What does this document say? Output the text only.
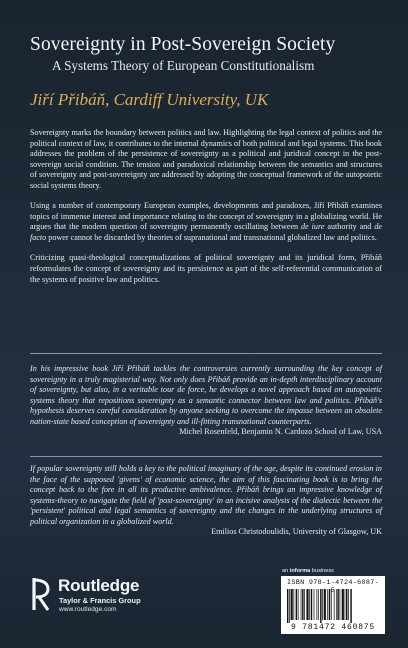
Sovereignty in Post-Sovereign Society
A Systems Theory of European Constitutionalism
Jiří Přibáň, Cardiff University, UK

Sovereignty marks the boundary between politics and law. Highlighting the legal context of politics and the political context of law, it contributes to the internal dynamics of both political and legal systems. This book addresses the problem of the persistence of sovereignty as a political and juridical concept in the post-sovereign social condition. The tension and paradoxical relationship between the semantics and structures of sovereignty and post-sovereignty are addressed by adopting the conceptual framework of the autopoietic social systems theory.

Using a number of contemporary European examples, developments and paradoxes, Jiří Přibáň examines topics of immense interest and importance relating to the concept of sovereignty in a globalizing world. He argues that the modern question of sovereignty permanently oscillating between de iure authority and de facto power cannot be discarded by theories of supranational and transnational globalized law and politics.

Criticizing quasi-theological conceptualizations of political sovereignty and its juridical form, Přibáň reformulates the concept of sovereignty and its persistence as part of the self-referential communication of the systems of positive law and politics.

In his impressive book Jiří Přibáň tackles the controversies currently surrounding the key concept of sovereignty in a truly magisterial way. Not only does Přibáň provide an in-depth interdisciplinary account of sovereignty, but also, in a veritable tour de force, he develops a novel approach based on autopoietic systems theory that repositions sovereignty as a semantic connector between law and politics. Přibáň's hypothesis deserves careful consideration by anyone seeking to overcome the impasse between an obsolete nation-state based conception of sovereignty and ill-fitting transnational counterparts.
Michel Rosenfeld, Benjamin N. Cardozo School of Law, USA
If popular sovereignty still holds a key to the political imaginary of the age, despite its continued erosion in the face of the supposed 'givens' of economic science, the aim of this fascinating book is to bring the concept back to the fore in all its productive ambivalence. Přibáň brings an impressive knowledge of systems-theory to navigate the field of 'post-sovereignty' in an incisive analysis of the dialectic between the 'persistent' political and legal semantics of sovereignty and the changes in the underlying structures of political organization in a globalized world.
Emilios Christodoulidis, University of Glasgow, UK
Routledge
Taylor & Francis Group
www.routledge.com
an informa business
ISBN 978-1-4724-6087-5
9 781472 460875
